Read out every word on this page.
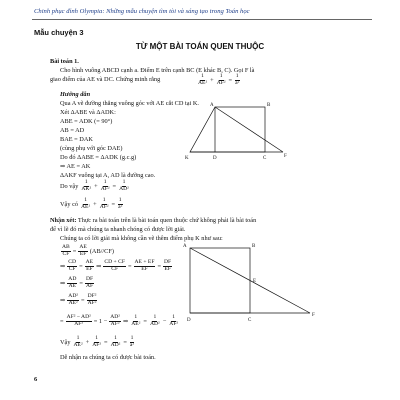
Chinh phục đỉnh Olympia: Những mẫu chuyện tìm tòi và sáng tạo trong Toán học
Mẫu chuyện 3
TỪ MỘT BÀI TOÁN QUEN THUỘC
Bài toán 1.
Cho hình vuông ABCD cạnh a. Điểm E trên cạnh BC (E khác B, C). Gọi F là
giao điểm của AE và DC. Chứng minh rằng	$\frac{1}{\text{AE²}} + \frac{1}{\text{AF²}} = \frac{1}{\text{a²}}$
Hướng dẫn
Qua A vẽ đường thẳng vuông góc với AE cắt CD tại K.
Xét ΔABE và ΔADK:
ABE = ADK (= 90°)
AB = AD
BAE = DAK
(cùng phụ với góc DAE)
Do đó ΔABE = ΔADK (g.c.g)
⇒ AE = AK
ΔAKF vuông tại A, AD là đường cao.
Do vậy $\frac{1}{\text{AK²}} + \frac{1}{\text{AF²}} = \frac{1}{\text{AD²}}$
Vậy có $\frac{1}{\text{AE²}} + \frac{1}{\text{AF²}} = \frac{1}{\text{a²}}$
A	B
C
D
K	F
Nhận xét: Thực ra bài toán trên là bài toán quen thuộc chứ không phải là bài toán
để vì lẽ đó mà chúng ta nhanh chóng có được lời giải.
Chúng ta có lời giải mà không cần vẽ thêm điểm phụ K như sau:
$\frac{AB}{CF} = \frac{AE}{EF} (AB//CF)$
⇒ $\frac{CD}{CF} = \frac{AE}{EF}$ ⇒ $\frac{CD + CF}{CF} = \frac{AE + EF}{EF} = \frac{DF}{EF}$
⇒ $\frac{AD}{AE} = \frac{DF}{AF}$
⇒ $\frac{\text{AD²}}{\text{AE²}} = \frac{\text{DF²}}{\text{AF²}}$
= $\frac{\text{AF² − AD²}}{\text{AF²}} = 1 - \frac{\text{AD²}}{\text{AF²}}$ ⇒ $\frac{1}{\text{AE²}} = \frac{1}{\text{AD²}} - \frac{1}{\text{AF²}}$
Vậy $\frac{1}{\text{AE²}} + \frac{1}{\text{AF²}} = \frac{1}{\text{AD²}} = \frac{1}{\text{a²}}$
Dễ nhận ra chúng ta có được bài toán.
A	B
C
D
E
F
6
